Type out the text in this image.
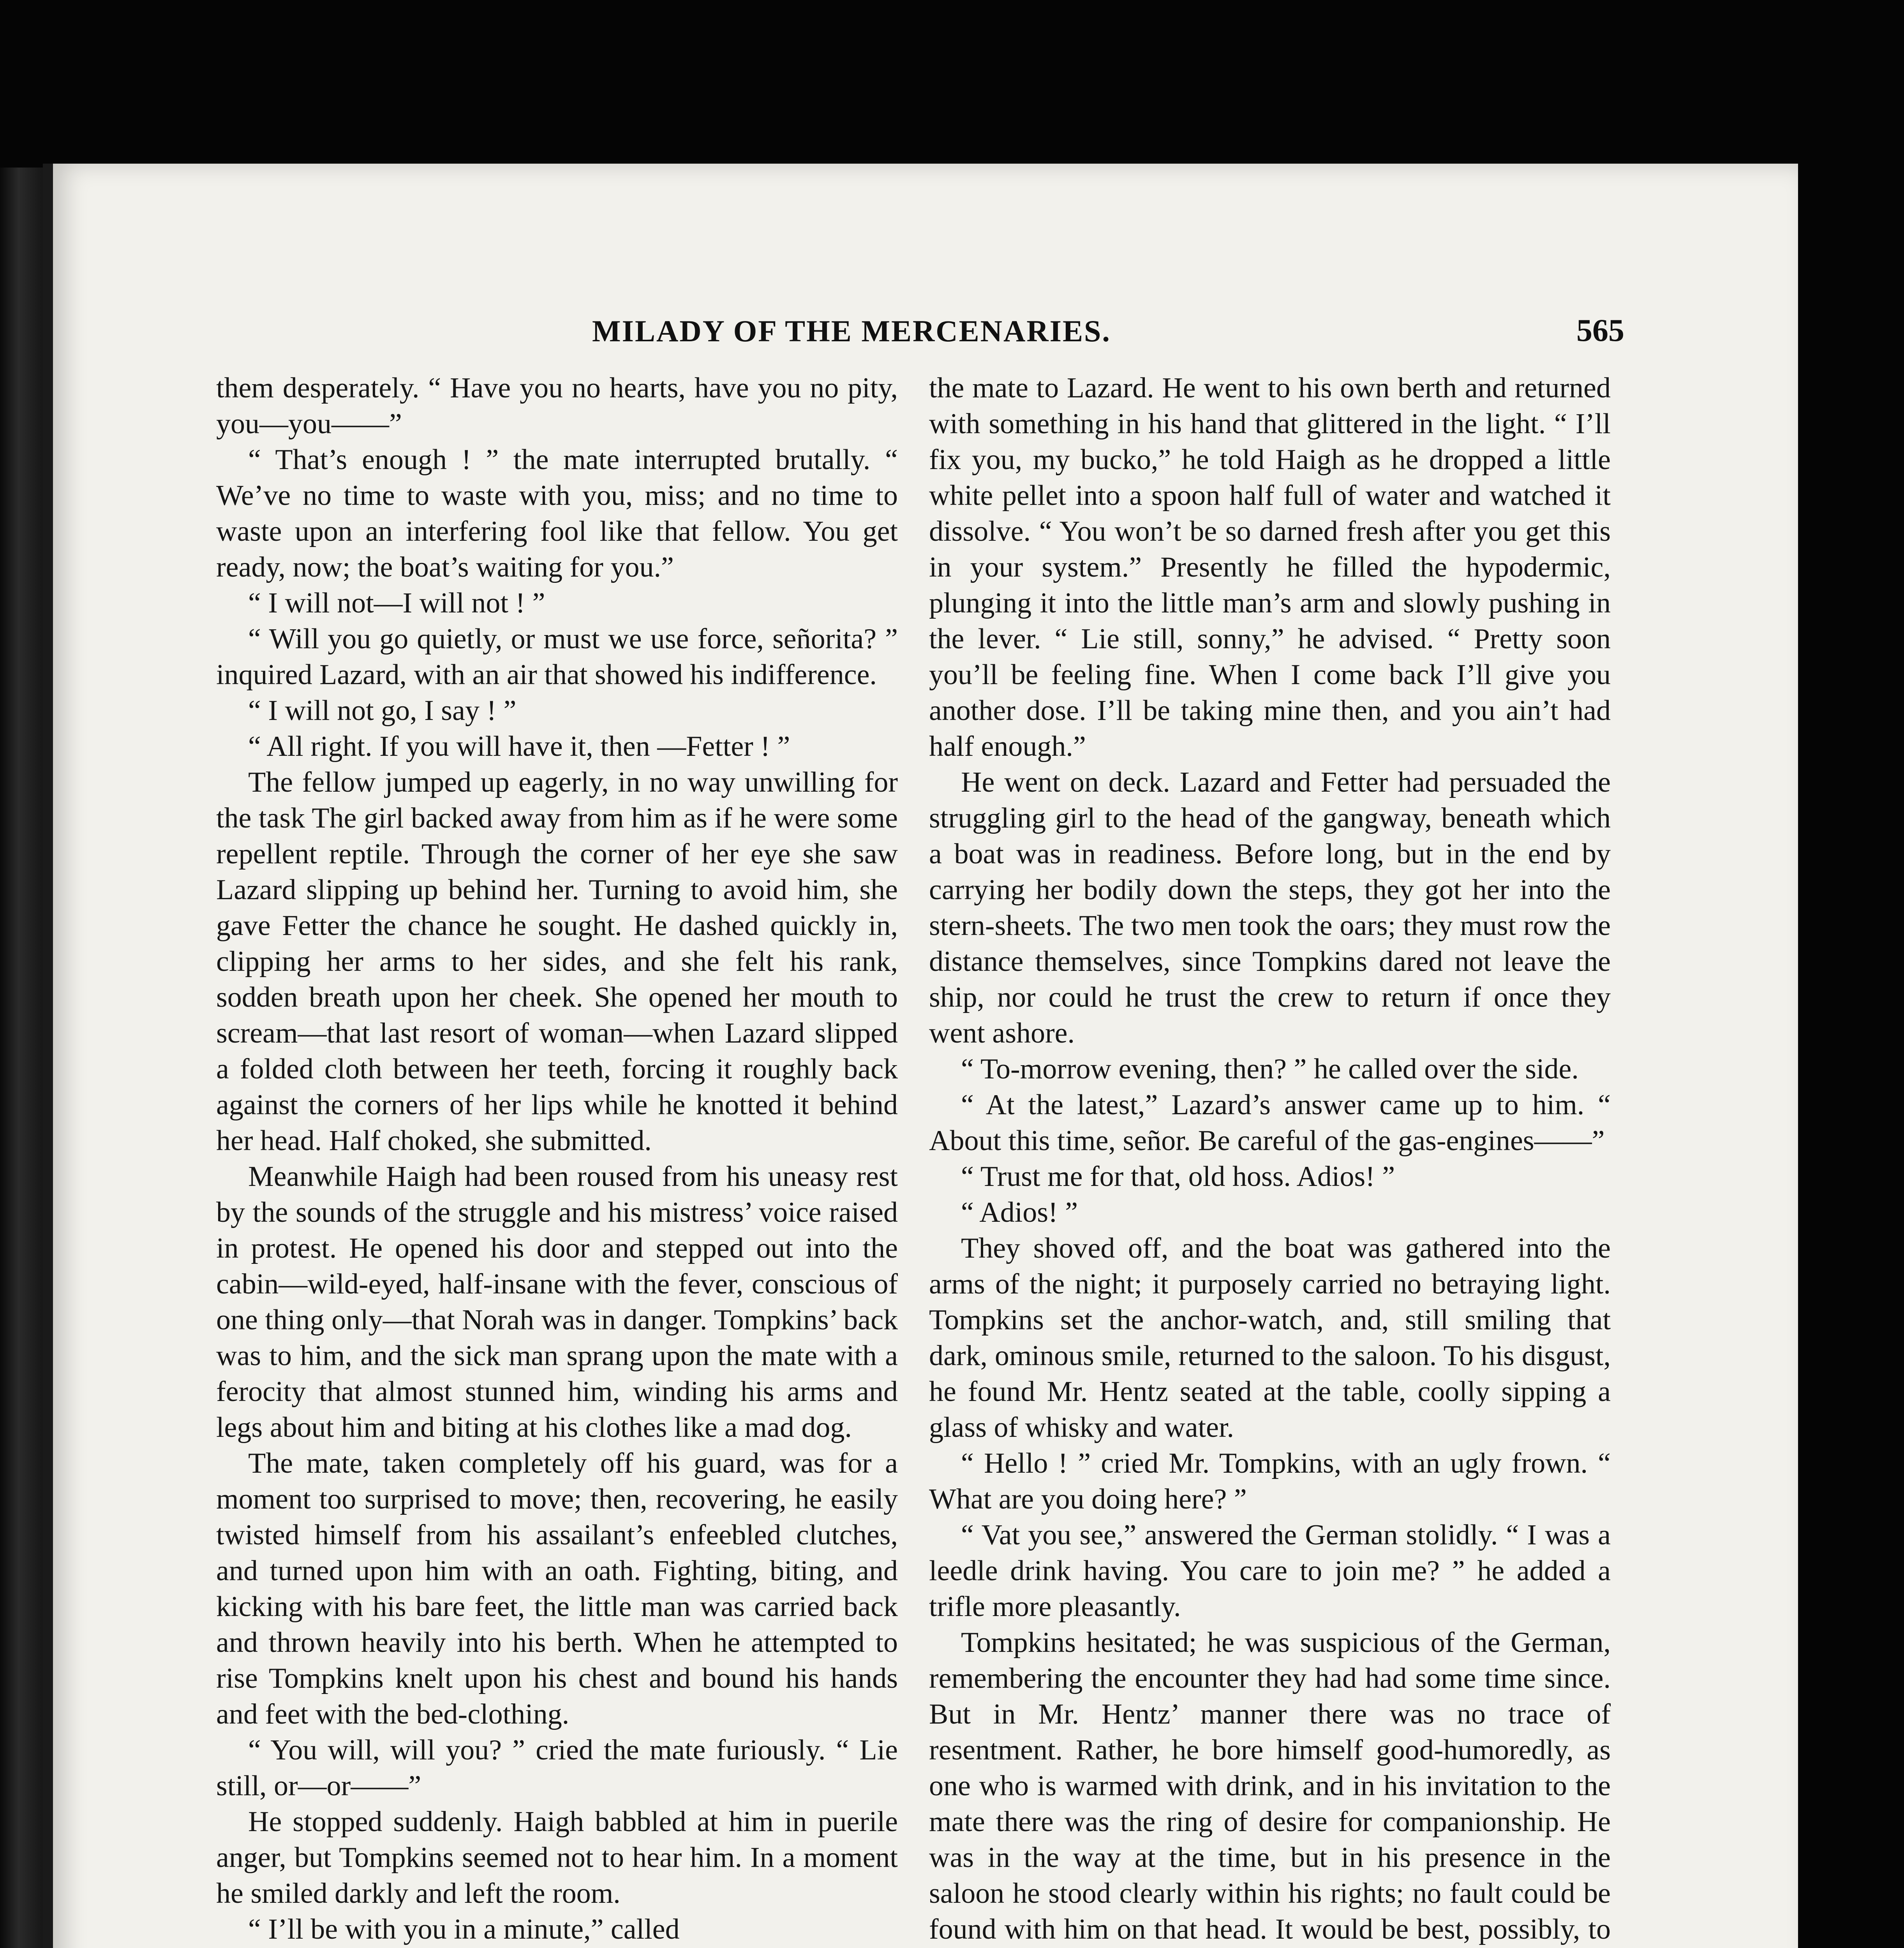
MILADY OF THE MERCENARIES.	565

them desperately. “ Have you no hearts, have you no pity, you—you——”

“ That’s enough ! ” the mate interrupted brutally. “ We’ve no time to waste with you, miss; and no time to waste upon an interfering fool like that fellow. You get ready, now; the boat’s waiting for you.”

“ I will not—I will not ! ”

“ Will you go quietly, or must we use force, señorita? ” inquired Lazard, with an air that showed his indifference.

“ I will not go, I say ! ”

“ All right. If you will have it, then —Fetter ! ”

The fellow jumped up eagerly, in no way unwilling for the task The girl backed away from him as if he were some repellent reptile. Through the corner of her eye she saw Lazard slipping up behind her. Turning to avoid him, she gave Fetter the chance he sought. He dashed quickly in, clipping her arms to her sides, and she felt his rank, sodden breath upon her cheek. She opened her mouth to scream—that last resort of woman—when Lazard slipped a folded cloth between her teeth, forcing it roughly back against the corners of her lips while he knotted it behind her head. Half choked, she submitted.

Meanwhile Haigh had been roused from his uneasy rest by the sounds of the struggle and his mistress’ voice raised in protest. He opened his door and stepped out into the cabin—wild-eyed, half-insane with the fever, conscious of one thing only—that Norah was in danger. Tompkins’ back was to him, and the sick man sprang upon the mate with a ferocity that almost stunned him, winding his arms and legs about him and biting at his clothes like a mad dog.

The mate, taken completely off his guard, was for a moment too surprised to move; then, recovering, he easily twisted himself from his assailant’s enfeebled clutches, and turned upon him with an oath. Fighting, biting, and kicking with his bare feet, the little man was carried back and thrown heavily into his berth. When he attempted to rise Tompkins knelt upon his chest and bound his hands and feet with the bed-clothing.

“ You will, will you? ” cried the mate furiously. “ Lie still, or—or——”

He stopped suddenly. Haigh babbled at him in puerile anger, but Tompkins seemed not to hear him. In a moment he smiled darkly and left the room.

“ I’ll be with you in a minute,” called

the mate to Lazard. He went to his own berth and returned with something in his hand that glittered in the light. “ I’ll fix you, my bucko,” he told Haigh as he dropped a little white pellet into a spoon half full of water and watched it dissolve. “ You won’t be so darned fresh after you get this in your system.” Presently he filled the hypodermic, plunging it into the little man’s arm and slowly pushing in the lever. “ Lie still, sonny,” he advised. “ Pretty soon you’ll be feeling fine. When I come back I’ll give you another dose. I’ll be taking mine then, and you ain’t had half enough.”

He went on deck. Lazard and Fetter had persuaded the struggling girl to the head of the gangway, beneath which a boat was in readiness. Before long, but in the end by carrying her bodily down the steps, they got her into the stern-sheets. The two men took the oars; they must row the distance themselves, since Tompkins dared not leave the ship, nor could he trust the crew to return if once they went ashore.

“ To-morrow evening, then? ” he called over the side.

“ At the latest,” Lazard’s answer came up to him. “ About this time, señor. Be careful of the gas-engines——”

“ Trust me for that, old hoss. Adios! ”

“ Adios! ”

They shoved off, and the boat was gathered into the arms of the night; it purposely carried no betraying light. Tompkins set the anchor-watch, and, still smiling that dark, ominous smile, returned to the saloon. To his disgust, he found Mr. Hentz seated at the table, coolly sipping a glass of whisky and water.

“ Hello ! ” cried Mr. Tompkins, with an ugly frown. “ What are you doing here? ”

“ Vat you see,” answered the German stolidly. “ I was a leedle drink having. You care to join me? ” he added a trifle more pleasantly.

Tompkins hesitated; he was suspicious of the German, remembering the encounter they had had some time since. But in Mr. Hentz’ manner there was no trace of resentment. Rather, he bore himself good-humoredly, as one who is warmed with drink, and in his invitation to the mate there was the ring of desire for companionship. He was in the way at the time, but in his presence in the saloon he stood clearly within his rights; no fault could be found with him on that head. It would be best, possibly, to
